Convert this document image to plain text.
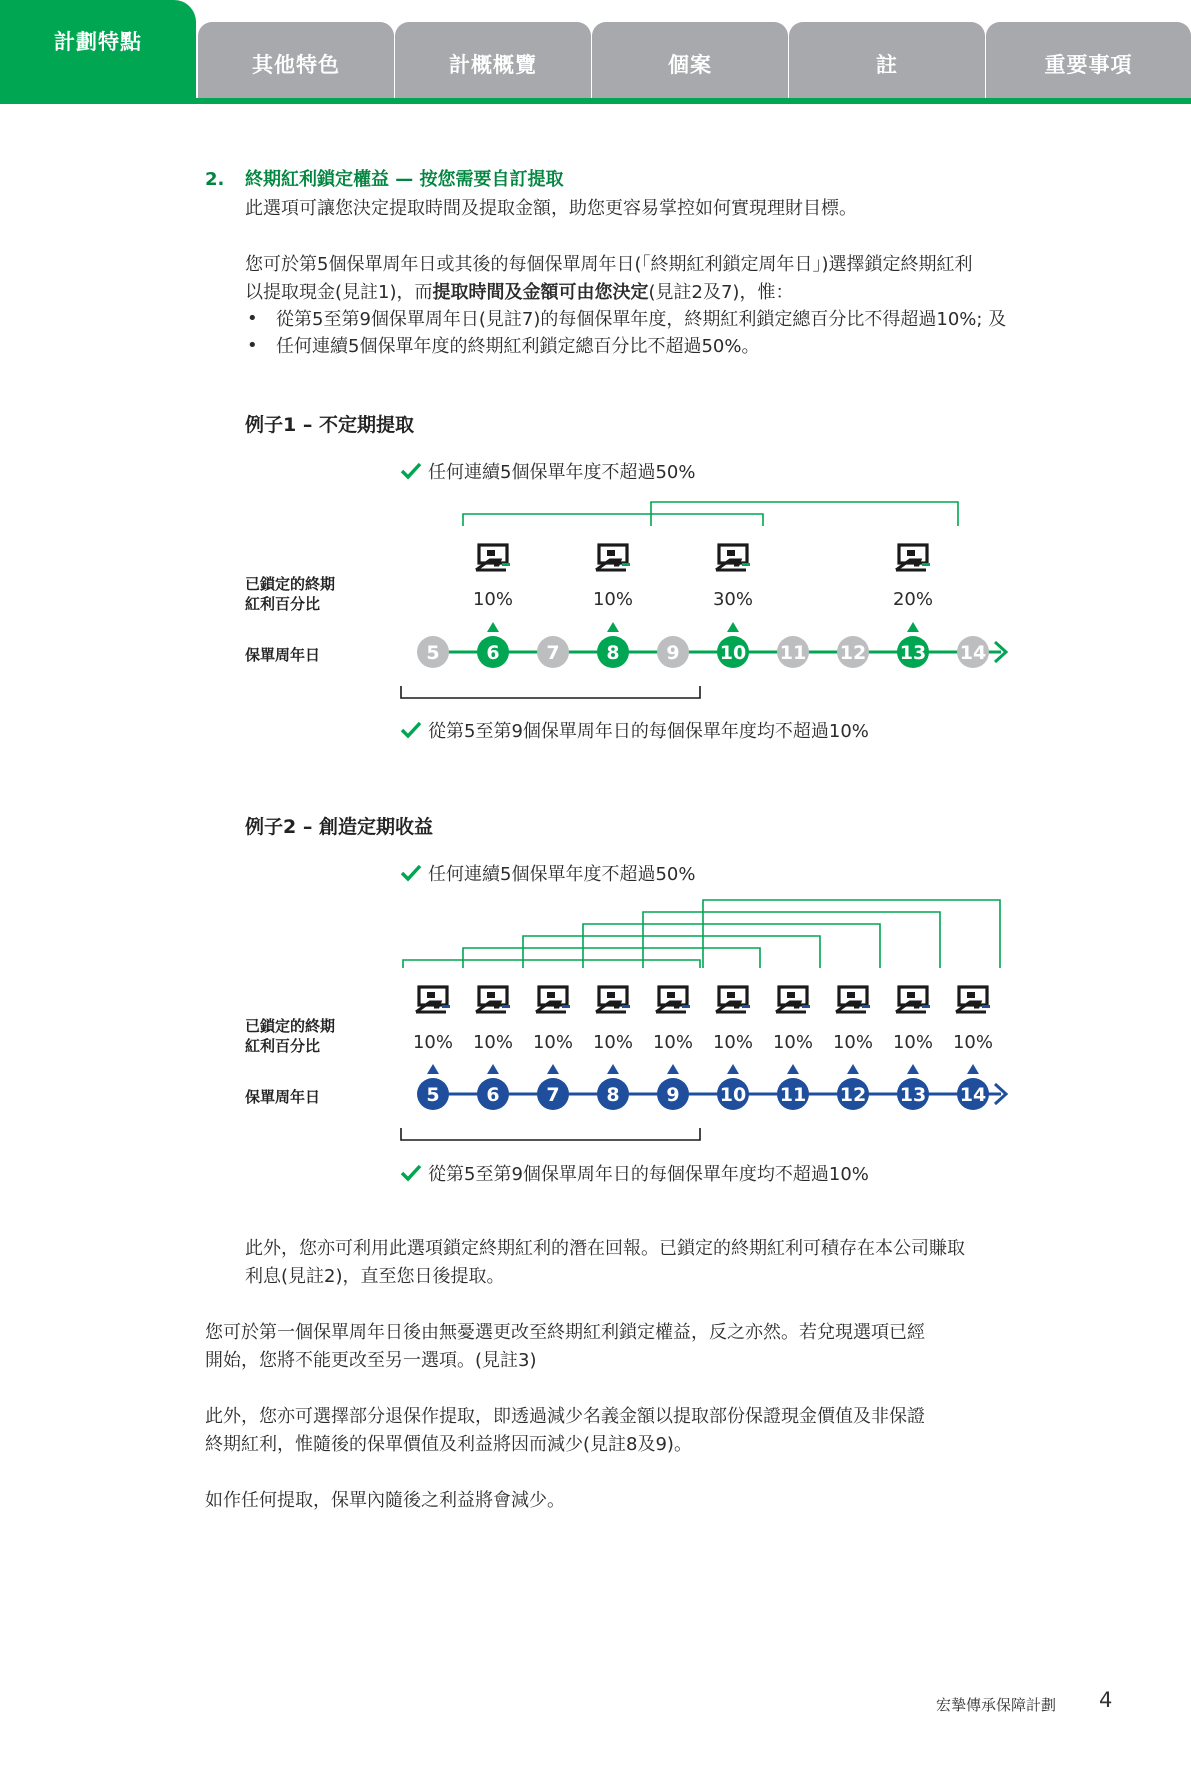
計劃特點
其他特色	計概概覽	個案	註	重要事項
2. 終期紅利鎖定權益 — 按您需要自訂提取
此選項可讓您決定提取時間及提取金額，助您更容易掌控如何實現理財目標。
您可於第5個保單周年日或其後的每個保單周年日(「終期紅利鎖定周年日」)選擇鎖定終期紅利
以提取現金(見註1)，而提取時間及金額可由您決定(見註2及7)，惟：
• 從第5至第9個保單周年日(見註7)的每個保單年度，終期紅利鎖定總百分比不得超過10%; 及
• 任何連續5個保單年度的終期紅利鎖定總百分比不超過50%。
例子1 – 不定期提取
任何連續5個保單年度不超過50%
已鎖定的終期
紅利百分比
保單周年日
10%	10%	30%	20%
5 6 7 8 9 10 11 12 13 14
從第5至第9個保單周年日的每個保單年度均不超過10%
例子2 – 創造定期收益
任何連續5個保單年度不超過50%
已鎖定的終期
紅利百分比
保單周年日
10% 10% 10% 10% 10% 10% 10% 10% 10% 10%
5 6 7 8 9 10 11 12 13 14
從第5至第9個保單周年日的每個保單年度均不超過10%
此外，您亦可利用此選項鎖定終期紅利的潛在回報。已鎖定的終期紅利可積存在本公司賺取
利息(見註2)，直至您日後提取。
您可於第一個保單周年日後由無憂選更改至終期紅利鎖定權益，反之亦然。若兌現選項已經
開始，您將不能更改至另一選項。(見註3)
此外，您亦可選擇部分退保作提取，即透過減少名義金額以提取部份保證現金價值及非保證
終期紅利，惟隨後的保單價值及利益將因而減少(見註8及9)。
如作任何提取，保單內隨後之利益將會減少。
宏摯傳承保障計劃 4
